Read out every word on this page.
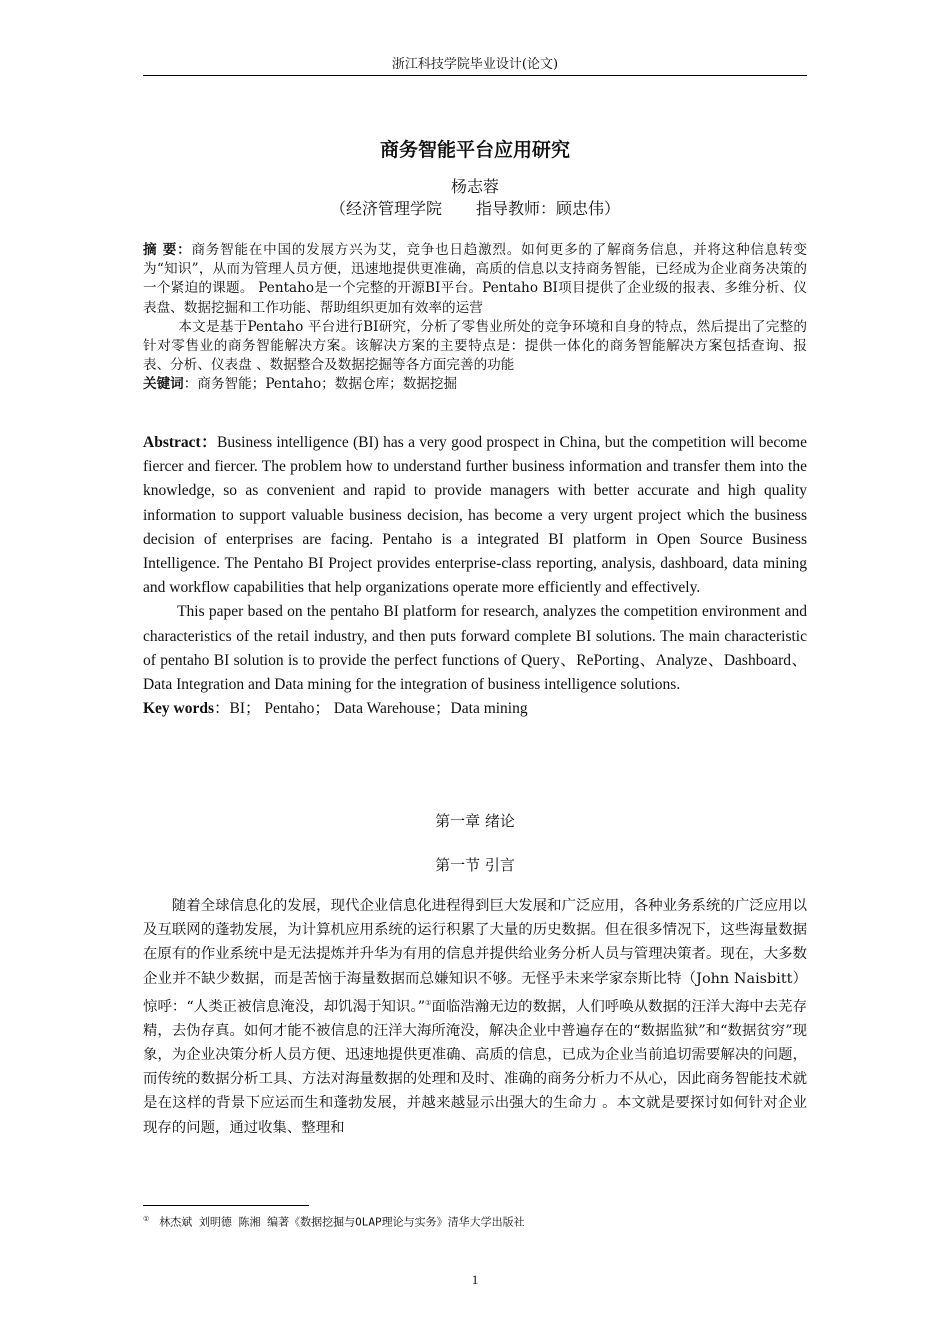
浙江科技学院毕业设计(论文)
商务智能平台应用研究
杨志蓉
（经济管理学院 指导教师：顾忠伟）

摘 要：商务智能在中国的发展方兴为艾，竞争也日趋激烈。如何更多的了解商务信息，并将这种信息转变为“知识”，从而为管理人员方便，迅速地提供更准确，高质的信息以支持商务智能，已经成为企业商务决策的一个紧迫的课题。 Pentaho是一个完整的开源BI平台。Pentaho BI项目提供了企业级的报表、多维分析、仪表盘、数据挖掘和工作功能、帮助组织更加有效率的运营

本文是基于Pentaho 平台进行BI研究，分析了零售业所处的竞争环境和自身的特点，然后提出了完整的针对零售业的商务智能解决方案。该解决方案的主要特点是：提供一体化的商务智能解决方案包括查询、报表、分析、仪表盘 、数据整合及数据挖掘等各方面完善的功能

关键词：商务智能；Pentaho；数据仓库；数据挖掘

Abstract：Business intelligence (BI) has a very good prospect in China, but the competition will become fiercer and fiercer. The problem how to understand further business information and transfer them into the knowledge, so as convenient and rapid to provide managers with better accurate and high quality information to support valuable business decision, has become a very urgent project which the business decision of enterprises are facing. Pentaho is a integrated BI platform in Open Source Business Intelligence. The Pentaho BI Project provides enterprise-class reporting, analysis, dashboard, data mining and workflow capabilities that help organizations operate more efficiently and effectively.

This paper based on the pentaho BI platform for research, analyzes the competition environment and characteristics of the retail industry, and then puts forward complete BI solutions. The main characteristic of pentaho BI solution is to provide the perfect functions of Query、RePorting、Analyze、Dashboard、Data Integration and Data mining for the integration of business intelligence solutions.

Key words：BI； Pentaho； Data Warehouse；Data mining

第一章 绪论
第一节 引言

随着全球信息化的发展，现代企业信息化进程得到巨大发展和广泛应用，各种业务系统的广泛应用以及互联网的蓬勃发展，为计算机应用系统的运行积累了大量的历史数据。但在很多情况下，这些海量数据在原有的作业系统中是无法提炼并升华为有用的信息并提供给业务分析人员与管理决策者。现在，大多数企业并不缺少数据，而是苦恼于海量数据而总嫌知识不够。无怪乎未来学家奈斯比特（John Naisbitt）惊呼：“人类正被信息淹没，却饥渴于知识。”①面临浩瀚无边的数据，人们呼唤从数据的汪洋大海中去芜存精，去伪存真。如何才能不被信息的汪洋大海所淹没，解决企业中普遍存在的“数据监狱”和“数据贫穷”现象，为企业决策分析人员方便、迅速地提供更准确、高质的信息，已成为企业当前追切需要解决的问题，而传统的数据分析工具、方法对海量数据的处理和及时、准确的商务分析力不从心，因此商务智能技术就是在这样的背景下应运而生和蓬勃发展，并越来越显示出强大的生命力 。本文就是要探讨如何针对企业现存的问题，通过收集、整理和

① 林杰斌 刘明德 陈湘 编著《数据挖掘与OLAP理论与实务》清华大学出版社
1
